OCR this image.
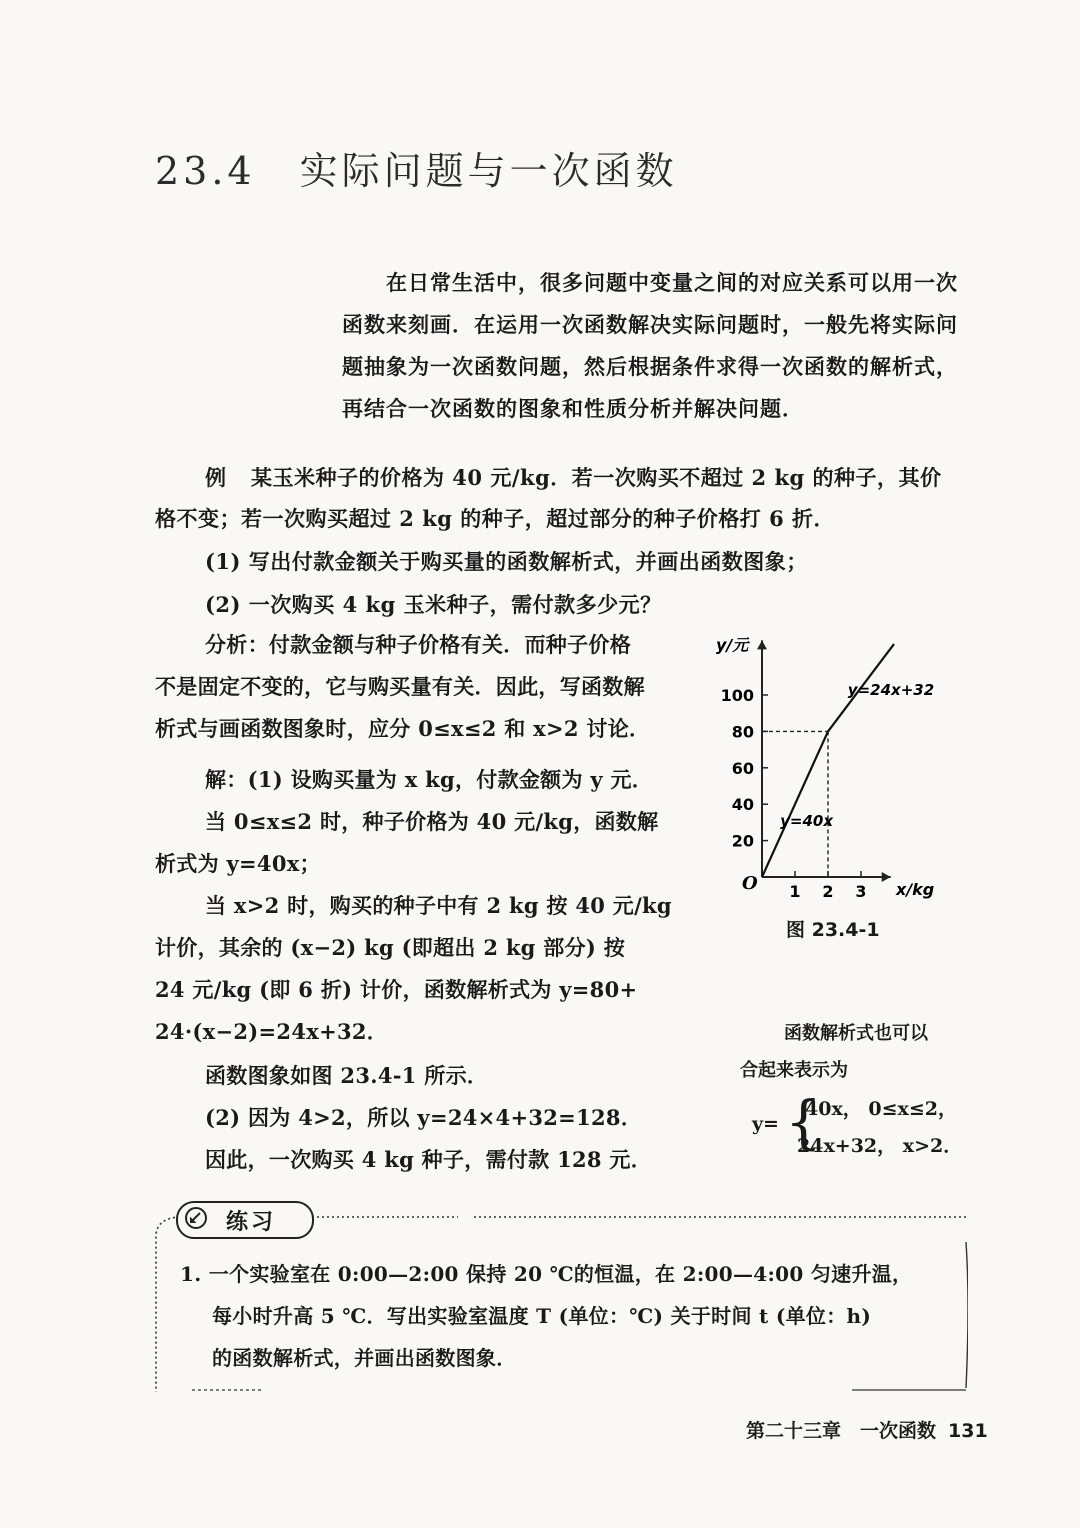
23.4 实际问题与一次函数
在日常生活中，很多问题中变量之间的对应关系可以用一次函数来刻画．在运用一次函数解决实际问题时，一般先将实际问题抽象为一次函数问题，然后根据条件求得一次函数的解析式，再结合一次函数的图象和性质分析并解决问题．
例 某玉米种子的价格为 40 元/kg．若一次购买不超过 2 kg 的种子，其价
格不变；若一次购买超过 2 kg 的种子，超过部分的种子价格打 6 折．
(1) 写出付款金额关于购买量的函数解析式，并画出函数图象；
(2) 一次购买 4 kg 玉米种子，需付款多少元？
分析：付款金额与种子价格有关．而种子价格
不是固定不变的，它与购买量有关．因此，写函数解
析式与画函数图象时，应分 0≤x≤2 和 x>2 讨论．
解：(1) 设购买量为 x kg，付款金额为 y 元．
当 0≤x≤2 时，种子价格为 40 元/kg，函数解
析式为 y=40x；
当 x>2 时，购买的种子中有 2 kg 按 40 元/kg
计价，其余的 (x−2) kg (即超出 2 kg 部分) 按
24 元/kg (即 6 折) 计价，函数解析式为 y=80+
24·(x−2)=24x+32．
函数图象如图 23.4-1 所示．
(2) 因为 4>2，所以 y=24×4+32=128．
因此，一次购买 4 kg 种子，需付款 128 元．
1 2 3
20
40
60
80
100
O	x/kg
y/元
y=40x
y=24x+32
图 23.4-1
函数解析式也可以
合起来表示为
y= {
40x， 0≤x≤2，
24x+32， x>2．
练习
1. 一个实验室在 0:00—2:00 保持 20 ℃的恒温，在 2:00—4:00 匀速升温，
每小时升高 5 ℃．写出实验室温度 T (单位：℃) 关于时间 t (单位：h)
的函数解析式，并画出函数图象．
第二十三章　一次函数 131
